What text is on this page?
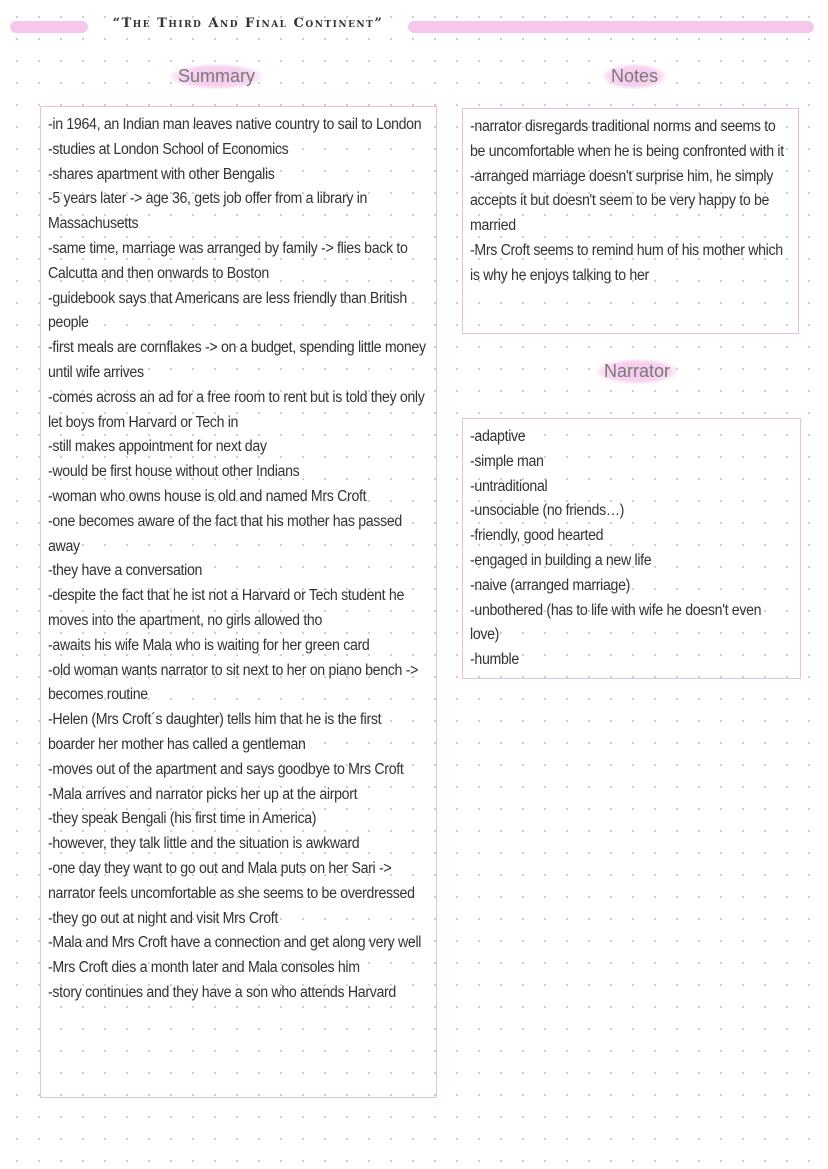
“The Third And Final Continent”
Summary
-in 1964, an Indian man leaves native country to sail to London
-studies at London School of Economics
-shares apartment with other Bengalis
-5 years later -> age 36, gets job offer from a library in Massachusetts
-same time, marriage was arranged by family -> flies back to Calcutta and then onwards to Boston
-guidebook says that Americans are less friendly than British people
-first meals are cornflakes -> on a budget, spending little money until wife arrives
-comes across an ad for a free room to rent but is told they only let boys from Harvard or Tech in
-still makes appointment for next day
-would be first house without other Indians
-woman who owns house is old and named Mrs Croft
-one becomes aware of the fact that his mother has passed away
-they have a conversation
-despite the fact that he ist not a Harvard or Tech student he moves into the apartment, no girls allowed tho
-awaits his wife Mala who is waiting for her green card
-old woman wants narrator to sit next to her on piano bench -> becomes routine
-Helen (Mrs Croft´s daughter) tells him that he is the first boarder her mother has called a gentleman
-moves out of the apartment and says goodbye to Mrs Croft
-Mala arrives and narrator picks her up at the airport
-they speak Bengali (his first time in America)
-however, they talk little and the situation is awkward
-one day they want to go out and Mala puts on her Sari -> narrator feels uncomfortable as she seems to be overdressed
-they go out at night and visit Mrs Croft
-Mala and Mrs Croft have a connection and get along very well
-Mrs Croft dies a month later and Mala consoles him
-story continues and they have a son who attends Harvard
Notes
-narrator disregards traditional norms and seems to be uncomfortable when he is being confronted with it
-arranged marriage doesn't surprise him, he simply accepts it but doesn't seem to be very happy to be married
-Mrs Croft seems to remind hum of his mother which is why he enjoys talking to her
Narrator
-adaptive
-simple man
-untraditional
-unsociable (no friends…)
-friendly, good hearted
-engaged in building a new life
-naive (arranged marriage)
-unbothered (has to life with wife he doesn't even love)
-humble
